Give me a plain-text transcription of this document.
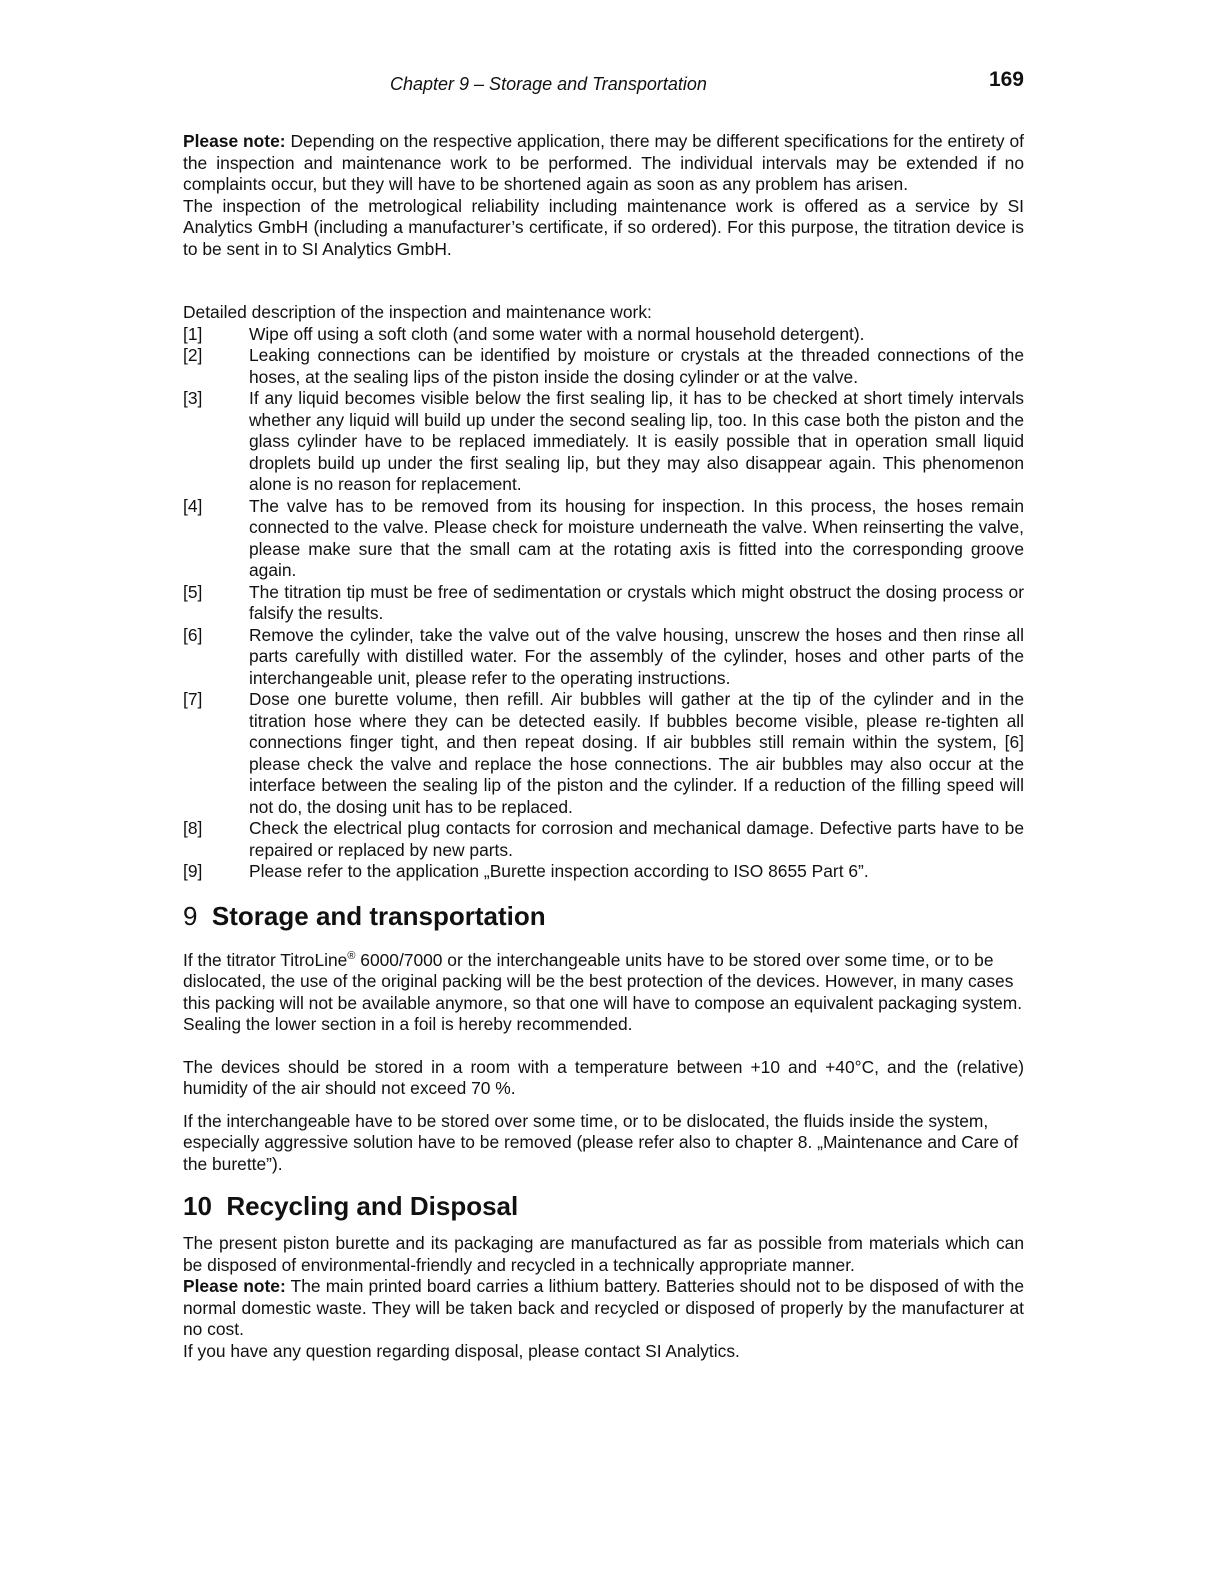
Chapter 9 – Storage and Transportation	169

Please note: Depending on the respective application, there may be different specifications for the entirety of the inspection and maintenance work to be performed. The individual intervals may be extended if no complaints occur, but they will have to be shortened again as soon as any problem has arisen.

The inspection of the metrological reliability including maintenance work is offered as a service by SI Analytics GmbH (including a manufacturer’s certificate, if so ordered). For this purpose, the titration device is to be sent in to SI Analytics GmbH.

Detailed description of the inspection and maintenance work:

[1]	Wipe off using a soft cloth (and some water with a normal household detergent).
[2]	Leaking connections can be identified by moisture or crystals at the threaded connections of the hoses, at the sealing lips of the piston inside the dosing cylinder or at the valve.
[3]	If any liquid becomes visible below the first sealing lip, it has to be checked at short timely intervals whether any liquid will build up under the second sealing lip, too. In this case both the piston and the glass cylinder have to be replaced immediately. It is easily possible that in operation small liquid droplets build up under the first sealing lip, but they may also disappear again. This phenomenon alone is no reason for replacement.
[4]	The valve has to be removed from its housing for inspection. In this process, the hoses remain connected to the valve. Please check for moisture underneath the valve. When reinserting the valve, please make sure that the small cam at the rotating axis is fitted into the corresponding groove again.
[5]	The titration tip must be free of sedimentation or crystals which might obstruct the dosing process or falsify the results.
[6]	Remove the cylinder, take the valve out of the valve housing, unscrew the hoses and then rinse all parts carefully with distilled water. For the assembly of the cylinder, hoses and other parts of the interchangeable unit, please refer to the operating instructions.
[7]	Dose one burette volume, then refill. Air bubbles will gather at the tip of the cylinder and in the titration hose where they can be detected easily. If bubbles become visible, please re-tighten all connections finger tight, and then repeat dosing. If air bubbles still remain within the system, [6] please check the valve and replace the hose connections. The air bubbles may also occur at the interface between the sealing lip of the piston and the cylinder. If a reduction of the filling speed will not do, the dosing unit has to be replaced.
[8]	Check the electrical plug contacts for corrosion and mechanical damage. Defective parts have to be repaired or replaced by new parts.
[9]	Please refer to the application „Burette inspection according to ISO 8655 Part 6”.
9 Storage and transportation

If the titrator TitroLine® 6000/7000 or the interchangeable units have to be stored over some time, or to be dislocated, the use of the original packing will be the best protection of the devices. However, in many cases this packing will not be available anymore, so that one will have to compose an equivalent packaging system. Sealing the lower section in a foil is hereby recommended.

The devices should be stored in a room with a temperature between +10 and +40°C, and the (relative) humidity of the air should not exceed 70 %.

If the interchangeable have to be stored over some time, or to be dislocated, the fluids inside the system, especially aggressive solution have to be removed (please refer also to chapter 8. „Maintenance and Care of the burette”).

10 Recycling and Disposal

The present piston burette and its packaging are manufactured as far as possible from materials which can be disposed of environmental-friendly and recycled in a technically appropriate manner.

Please note: The main printed board carries a lithium battery. Batteries should not to be disposed of with the normal domestic waste. They will be taken back and recycled or disposed of properly by the manufacturer at no cost.

If you have any question regarding disposal, please contact SI Analytics.
